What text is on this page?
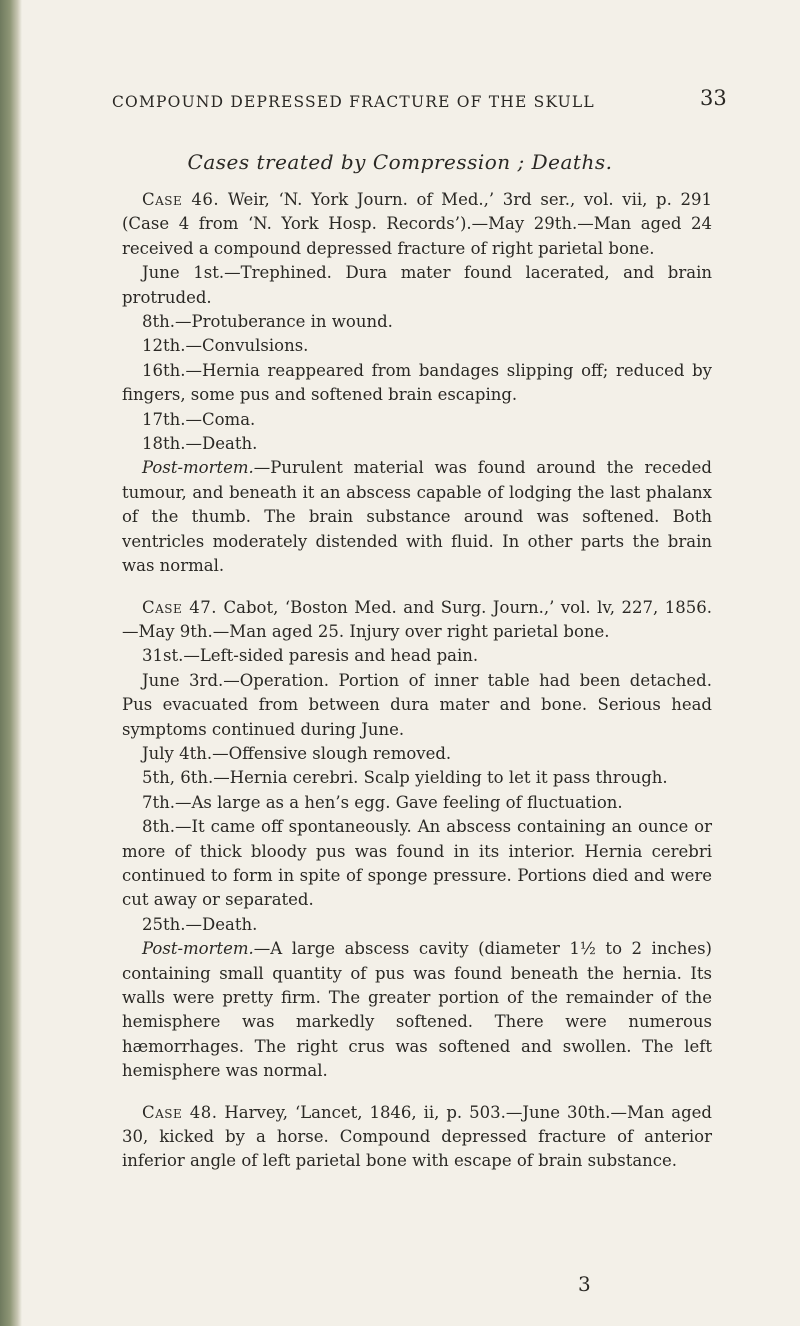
COMPOUND DEPRESSED FRACTURE OF THE SKULL	33
Cases treated by Compression ; Deaths.

Case 46. Weir, ‘N. York Journ. of Med.,’ 3rd ser., vol. vii, p. 291 (Case 4 from ‘N. York Hosp. Records’).—May 29th.—Man aged 24 received a compound depressed fracture of right parietal bone.

June 1st.—Trephined. Dura mater found lacerated, and brain protruded.

8th.—Protuberance in wound.

12th.—Convulsions.

16th.—Hernia reappeared from bandages slipping off; reduced by fingers, some pus and softened brain escaping.

17th.—Coma.

18th.—Death.

Post-mortem.—Purulent material was found around the receded tumour, and beneath it an abscess capable of lodging the last phalanx of the thumb. The brain substance around was softened. Both ventricles moderately distended with fluid. In other parts the brain was normal.

Case 47. Cabot, ‘Boston Med. and Surg. Journ.,’ vol. lv, 227, 1856.—May 9th.—Man aged 25. Injury over right parietal bone.

31st.—Left-sided paresis and head pain.

June 3rd.—Operation. Portion of inner table had been detached. Pus evacuated from between dura mater and bone. Serious head symptoms continued during June.

July 4th.—Offensive slough removed.

5th, 6th.—Hernia cerebri. Scalp yielding to let it pass through.

7th.—As large as a hen’s egg. Gave feeling of fluctuation.

8th.—It came off spontaneously. An abscess containing an ounce or more of thick bloody pus was found in its interior. Hernia cerebri continued to form in spite of sponge pressure. Portions died and were cut away or separated.

25th.—Death.

Post-mortem.—A large abscess cavity (diameter 1½ to 2 inches) containing small quantity of pus was found beneath the hernia. Its walls were pretty firm. The greater portion of the remainder of the hemisphere was markedly softened. There were numerous hæmorrhages. The right crus was softened and swollen. The left hemisphere was normal.

Case 48. Harvey, ‘Lancet, 1846, ii, p. 503.—June 30th.—Man aged 30, kicked by a horse. Compound depressed fracture of anterior inferior angle of left parietal bone with escape of brain substance.

3
